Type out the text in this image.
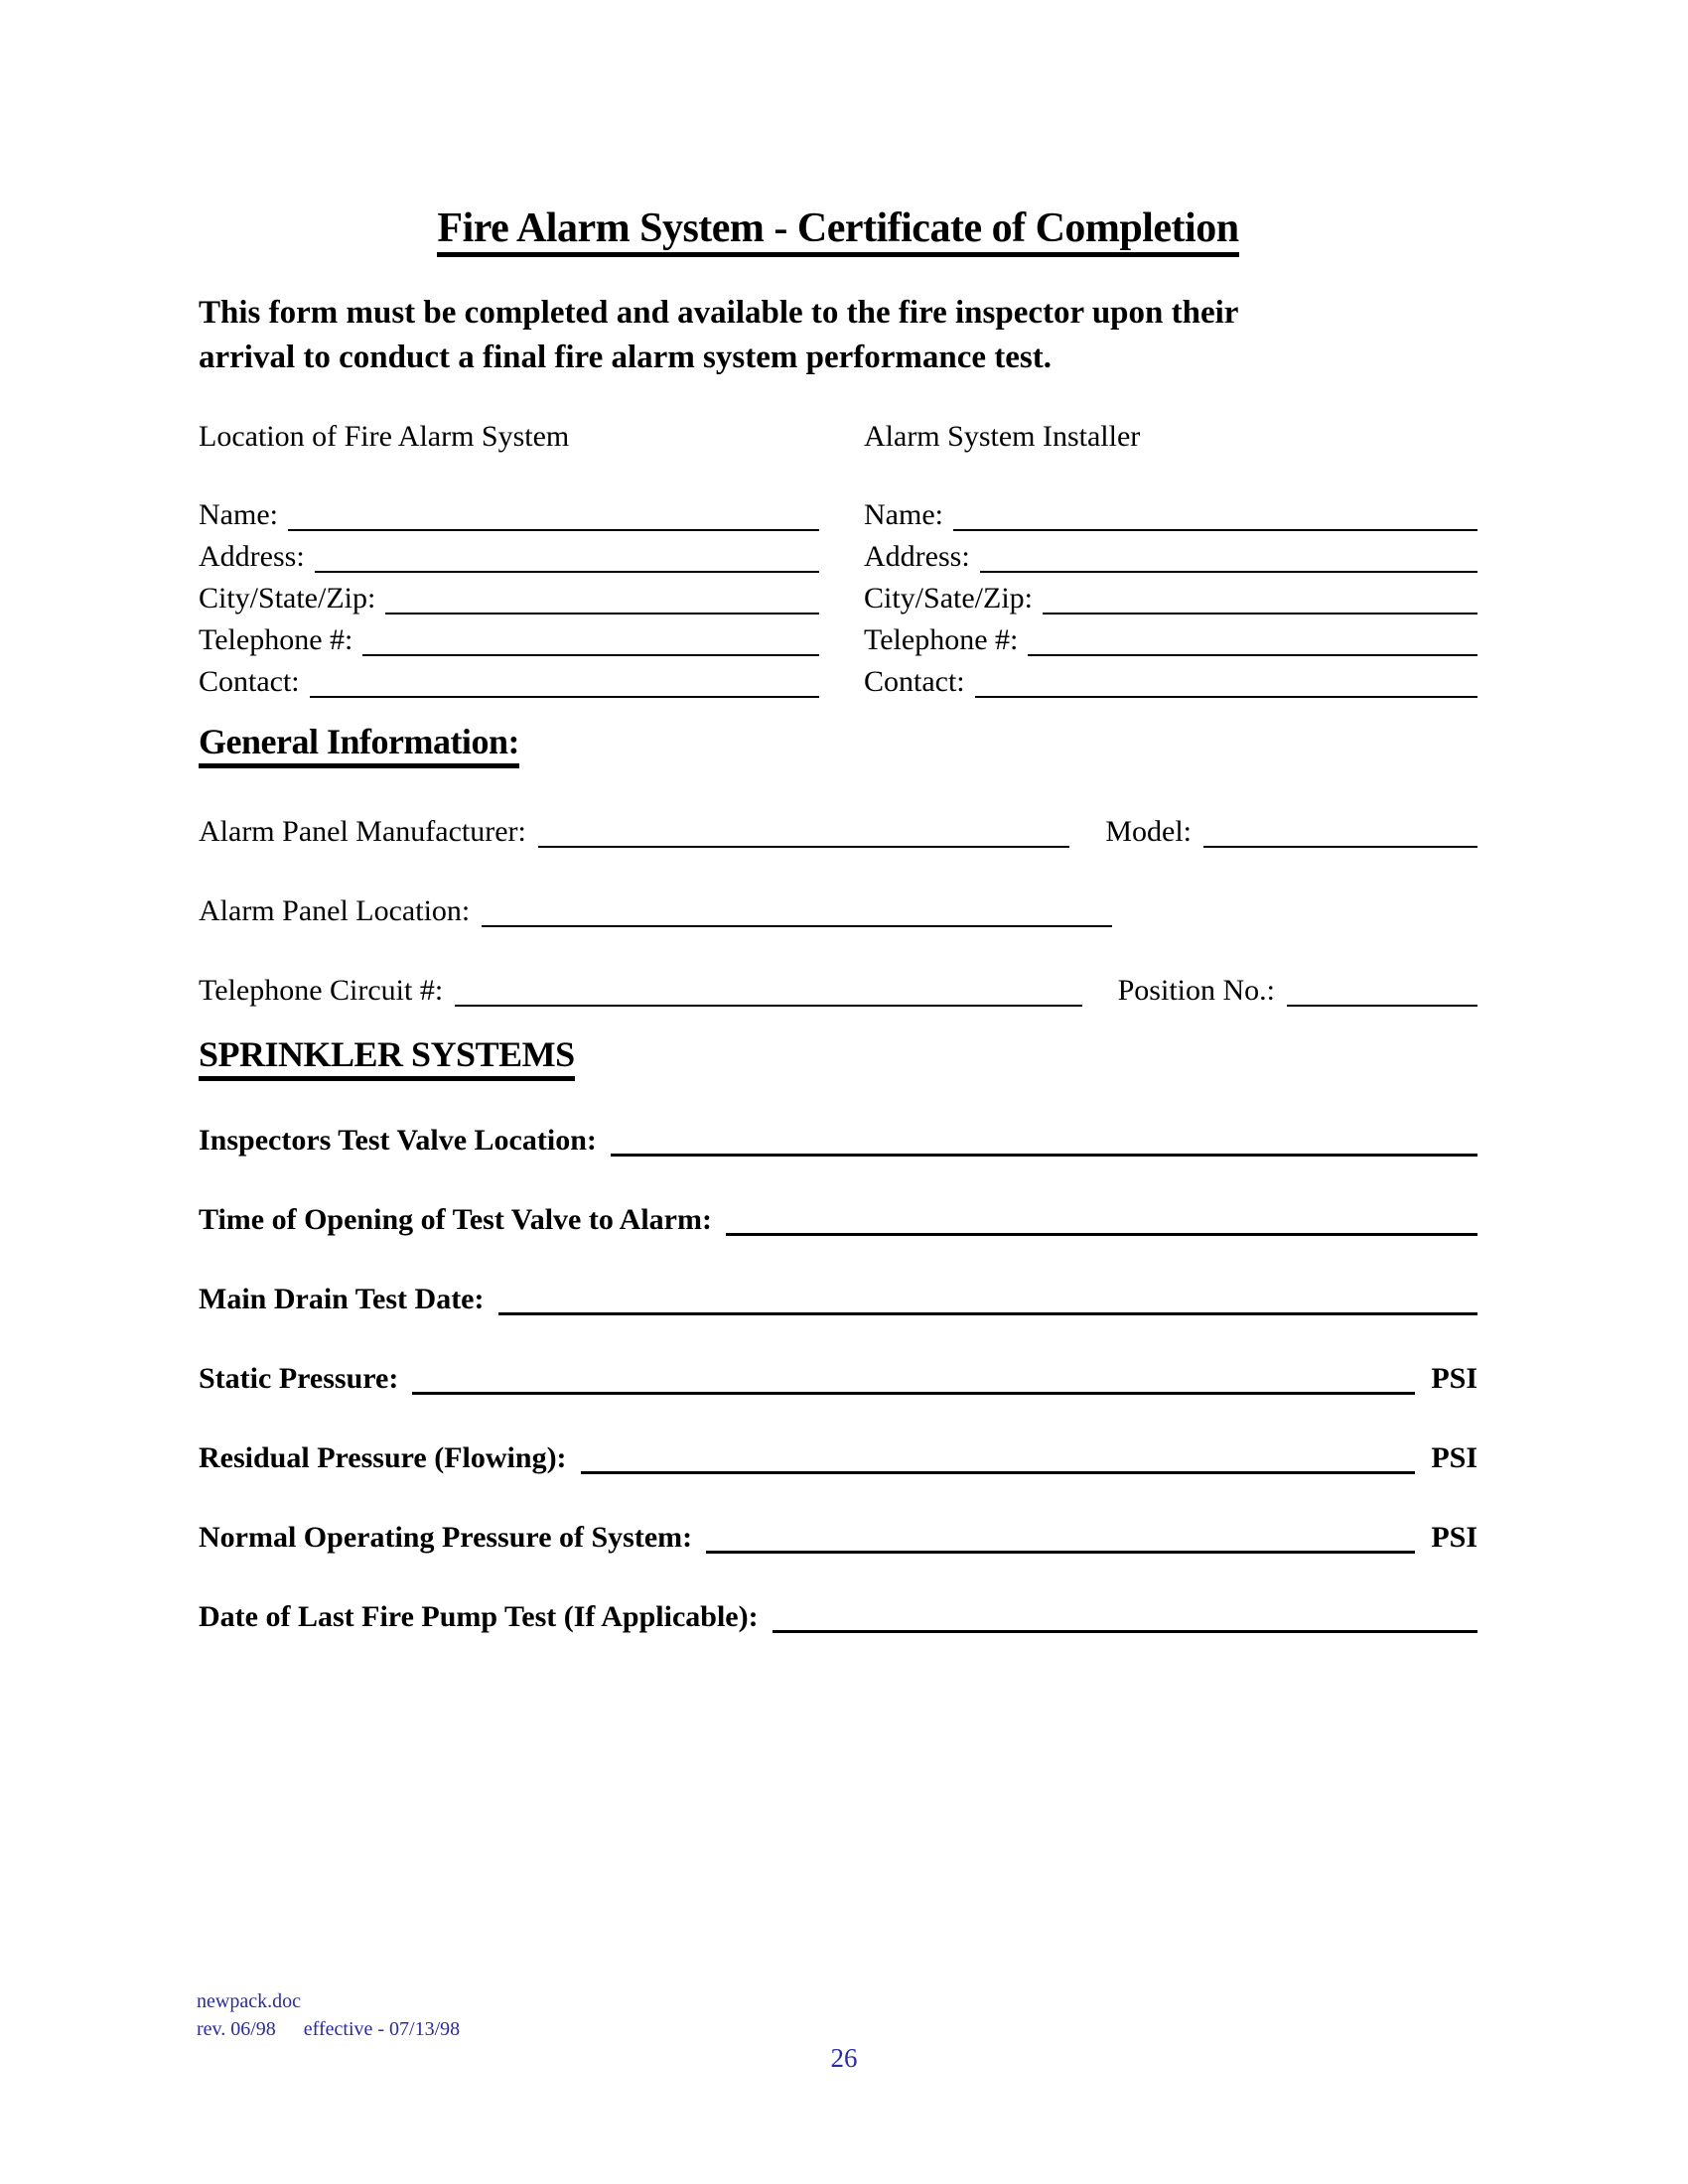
Fire Alarm System - Certificate of Completion
This form must be completed and available to the fire inspector upon their
arrival to conduct a final fire alarm system performance test.
Location of Fire Alarm System
Name:
Address:
City/State/Zip:
Telephone #:
Contact:
Alarm System Installer
Name:
Address:
City/Sate/Zip:
Telephone #:
Contact:
General Information:
Alarm Panel Manufacturer:	Model:
Alarm Panel Location:
Telephone Circuit #:	Position No.:
SPRINKLER SYSTEMS
Inspectors Test Valve Location:
Time of Opening of Test Valve to Alarm:
Main Drain Test Date:
Static Pressure:	PSI
Residual Pressure (Flowing):	PSI
Normal Operating Pressure of System:	PSI
Date of Last Fire Pump Test (If Applicable):
newpack.doc
rev. 06/98 effective - 07/13/98
26
